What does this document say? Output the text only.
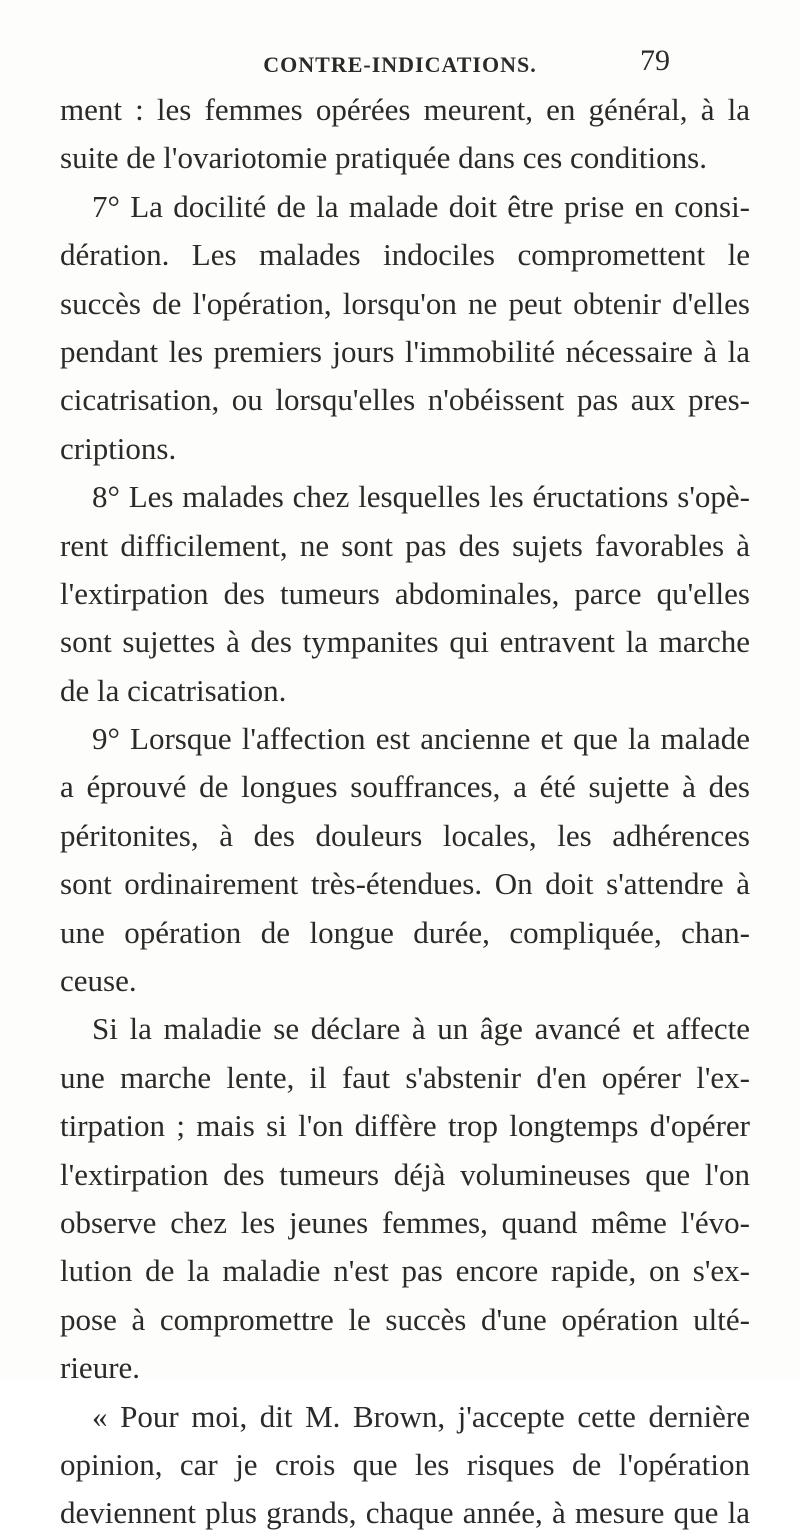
CONTRE-INDICATIONS.	79
ment : les femmes opérées meurent, en général, à la
suite de l'ovariotomie pratiquée dans ces conditions.
7° La docilité de la malade doit être prise en consi-
dération. Les malades indociles compromettent le
succès de l'opération, lorsqu'on ne peut obtenir d'elles
pendant les premiers jours l'immobilité nécessaire à la
cicatrisation, ou lorsqu'elles n'obéissent pas aux pres-
criptions.
8° Les malades chez lesquelles les éructations s'opè-
rent difficilement, ne sont pas des sujets favorables à
l'extirpation des tumeurs abdominales, parce qu'elles
sont sujettes à des tympanites qui entravent la marche
de la cicatrisation.
9° Lorsque l'affection est ancienne et que la malade
a éprouvé de longues souffrances, a été sujette à des
péritonites, à des douleurs locales, les adhérences
sont ordinairement très-étendues. On doit s'attendre à
une opération de longue durée, compliquée, chan-
ceuse.
Si la maladie se déclare à un âge avancé et affecte
une marche lente, il faut s'abstenir d'en opérer l'ex-
tirpation ; mais si l'on diffère trop longtemps d'opérer
l'extirpation des tumeurs déjà volumineuses que l'on
observe chez les jeunes femmes, quand même l'évo-
lution de la maladie n'est pas encore rapide, on s'ex-
pose à compromettre le succès d'une opération ulté-
rieure.
« Pour moi, dit M. Brown, j'accepte cette dernière
opinion, car je crois que les risques de l'opération
deviennent plus grands, chaque année, à mesure que la
